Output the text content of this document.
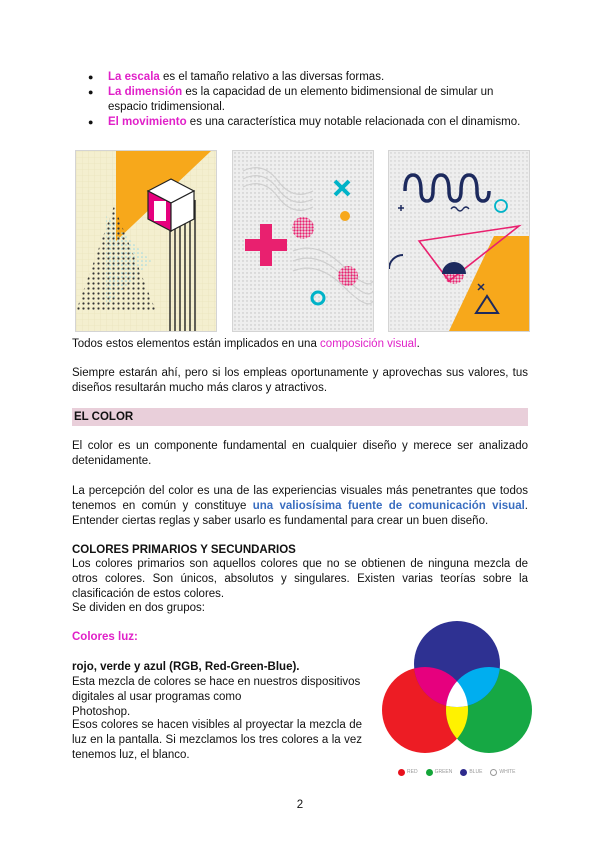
● La escala es el tamaño relativo a las diversas formas.
● La dimensión es la capacidad de un elemento bidimensional de simular un espacio tridimensional.
● El movimiento es una característica muy notable relacionada con el dinamismo.
Todos estos elementos están implicados en una composición visual.
Siempre estarán ahí, pero si los empleas oportunamente y aprovechas sus valores, tus diseños resultarán mucho más claros y atractivos.
EL COLOR
El color es un componente fundamental en cualquier diseño y merece ser analizado detenidamente.
La percepción del color es una de las experiencias visuales más penetrantes que todos tenemos en común y constituye una valiosísima fuente de comunicación visual. Entender ciertas reglas y saber usarlo es fundamental para crear un buen diseño.
COLORES PRIMARIOS Y SECUNDARIOS
Los colores primarios son aquellos colores que no se obtienen de ninguna mezcla de otros colores. Son únicos, absolutos y singulares. Existen varias teorías sobre la clasificación de estos colores.
Se dividen en dos grupos:
Colores luz:
rojo, verde y azul (RGB, Red-Green-Blue).
Esta mezcla de colores se hace en nuestros dispositivos digitales al usar programas como
Photoshop.
Esos colores se hacen visibles al proyectar la mezcla de luz en la pantalla. Si mezclamos los tres colores a la vez tenemos luz, el blanco.
RED	GREEN	BLUE	WHITE
2
